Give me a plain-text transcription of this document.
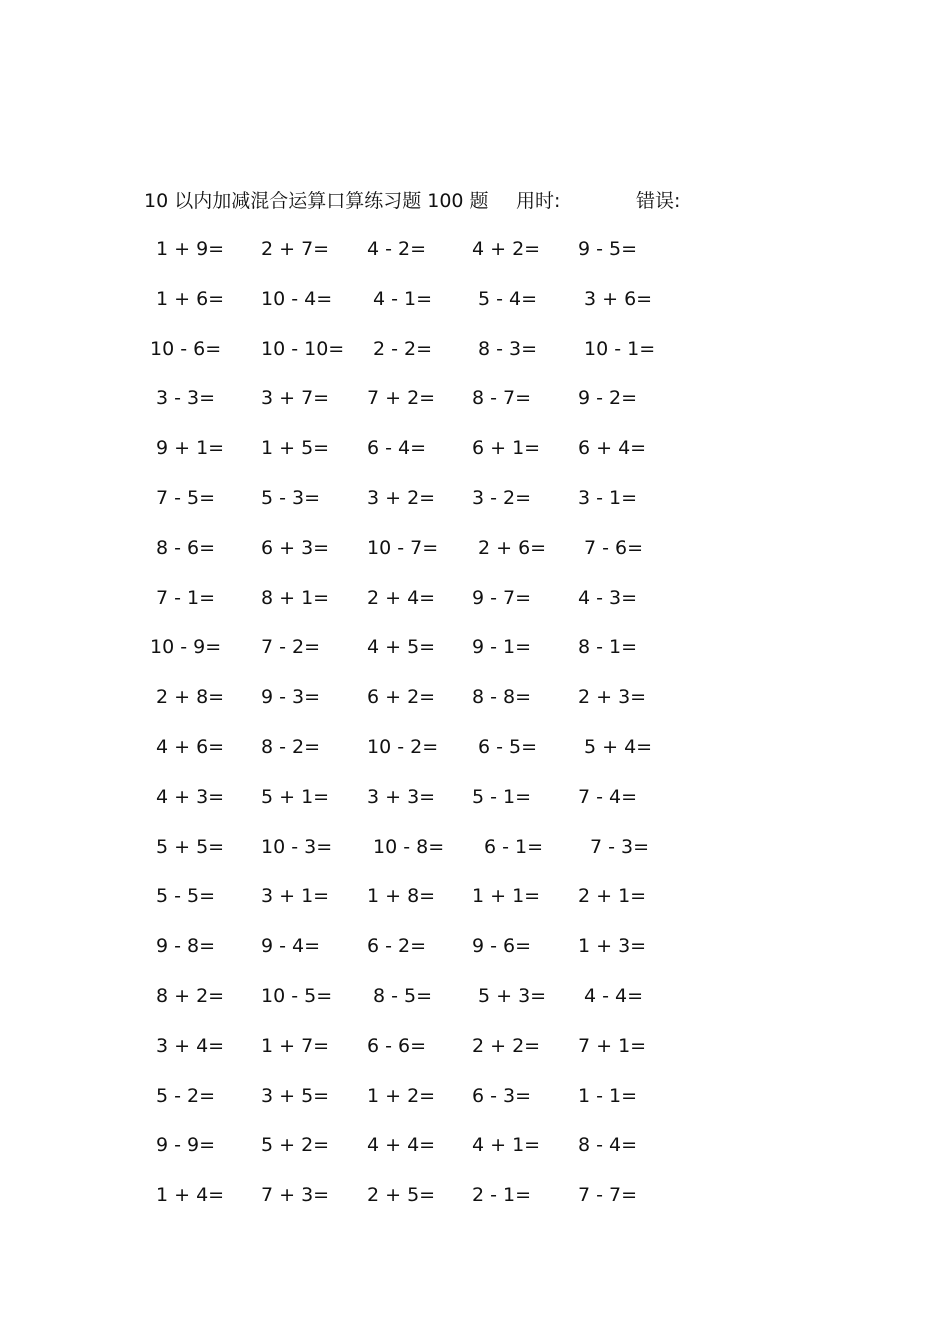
10 以内加减混合运算口算练习题 100 题 用时:	错误:
1 + 9= 2 + 7= 4 - 2= 4 + 2= 9 - 5=
1 + 6= 10 - 4= 4 - 1= 5 - 4= 3 + 6=
10 - 6= 10 - 10= 2 - 2= 8 - 3= 10 - 1=
3 - 3= 3 + 7= 7 + 2= 8 - 7= 9 - 2=
9 + 1= 1 + 5= 6 - 4= 6 + 1= 6 + 4=
7 - 5= 5 - 3= 3 + 2= 3 - 2= 3 - 1=
8 - 6= 6 + 3= 10 - 7= 2 + 6= 7 - 6=
7 - 1= 8 + 1= 2 + 4= 9 - 7= 4 - 3=
10 - 9= 7 - 2= 4 + 5= 9 - 1= 8 - 1=
2 + 8= 9 - 3= 6 + 2= 8 - 8= 2 + 3=
4 + 6= 8 - 2= 10 - 2= 6 - 5= 5 + 4=
4 + 3= 5 + 1= 3 + 3= 5 - 1= 7 - 4=
5 + 5= 10 - 3= 10 - 8= 6 - 1= 7 - 3=
5 - 5= 3 + 1= 1 + 8= 1 + 1= 2 + 1=
9 - 8= 9 - 4= 6 - 2= 9 - 6= 1 + 3=
8 + 2= 10 - 5= 8 - 5= 5 + 3= 4 - 4=
3 + 4= 1 + 7= 6 - 6= 2 + 2= 7 + 1=
5 - 2= 3 + 5= 1 + 2= 6 - 3= 1 - 1=
9 - 9= 5 + 2= 4 + 4= 4 + 1= 8 - 4=
1 + 4= 7 + 3= 2 + 5= 2 - 1= 7 - 7=
